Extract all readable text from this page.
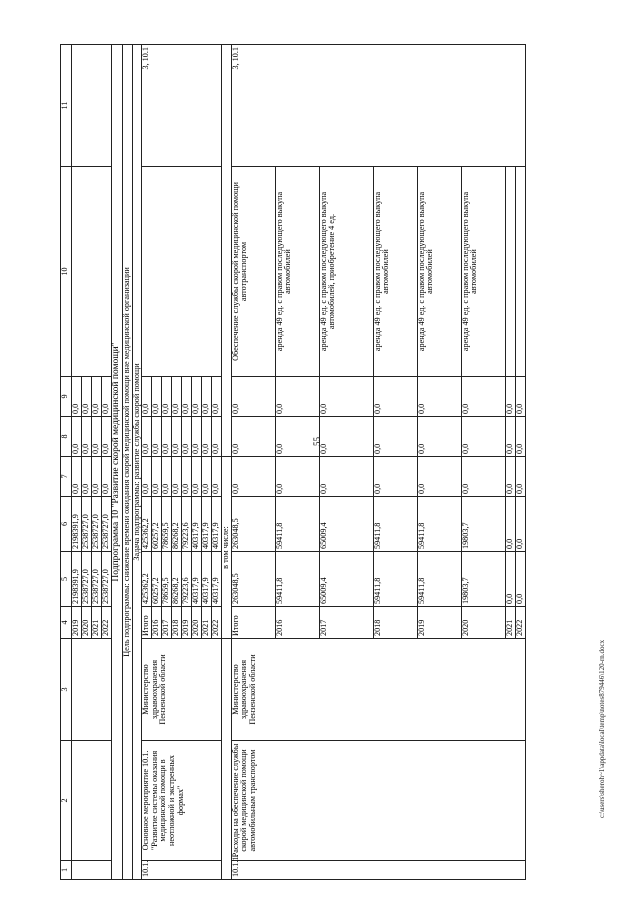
55
c:\users\sheroh~1\appdata\local\temp\notes879446\120-rn.docx
1	2	3	4	5	6	7	8	9	10	11
			2019	2198391,9	2198391,9	0,0	0,0	0,0		
			2020	2538727,0	2538727,0	0,0	0,0	0,0		
			2021	2538727,0	2538727,0	0,0	0,0	0,0		
			2022	2538727,0	2538727,0	0,0	0,0	0,0		
Подпрограмма 10 "Развитие скорой медицинской помощи"										
Цель подпрограммы: снижение времени ожидания скорой медицинской помощи вне медицинской организации										
Задача подпрограммы: развитие службы скорой помощи										
10.1.	Основное мероприятие 10.1. "Развитие системы оказания медицинской помощи в неотложной и экстренных формах"	Министерство здравоохранения Пензенской области	Итого	425362,2	425362,2	0,0	0,0	0,0		3, 10.1
			2016	60257,2	60257,2	0,0	0,0	0,0		
			2017	78659,5	78659,5	0,0	0,0	0,0		
			2018	86268,2	86268,2	0,0	0,0	0,0		
			2019	79223,6	79223,6	0,0	0,0	0,0		
			2020	40317,9	40317,9	0,0	0,0	0,0		
			2021	40317,9	40317,9	0,0	0,0	0,0		
			2022	40317,9	40317,9	0,0	0,0	0,0		
			в том числе:							
10.1.1.	Расходы на обеспечение службы скорой медицинской помощи автомобильным транспортом	Министерство здравоохранения Пензенской области	Итого	263048,5	263048,5	0,0	0,0	0,0	Обеспечение службы скорой медицинской помощи автотранспортом	3, 10.1
			2016	59411,8	59411,8	0,0	0,0	0,0	аренда 49 ед. с правом последующего выкупа автомобилей	
			2017	65009,4	65009,4	0,0	0,0	0,0	аренда 49 ед. с правом последующего выкупа автомобилей, приобретение 4 ед.	
			2018	59411,8	59411,8	0,0	0,0	0,0	аренда 49 ед. с правом последующего выкупа автомобилей	
			2019	59411,8	59411,8	0,0	0,0	0,0	аренда 49 ед. с правом последующего выкупа автомобилей	
			2020	19803,7	19803,7	0,0	0,0	0,0	аренда 49 ед. с правом последующего выкупа автомобилей	
			2021	0,0	0,0	0,0	0,0	0,0		
			2022	0,0	0,0	0,0	0,0	0,0		
